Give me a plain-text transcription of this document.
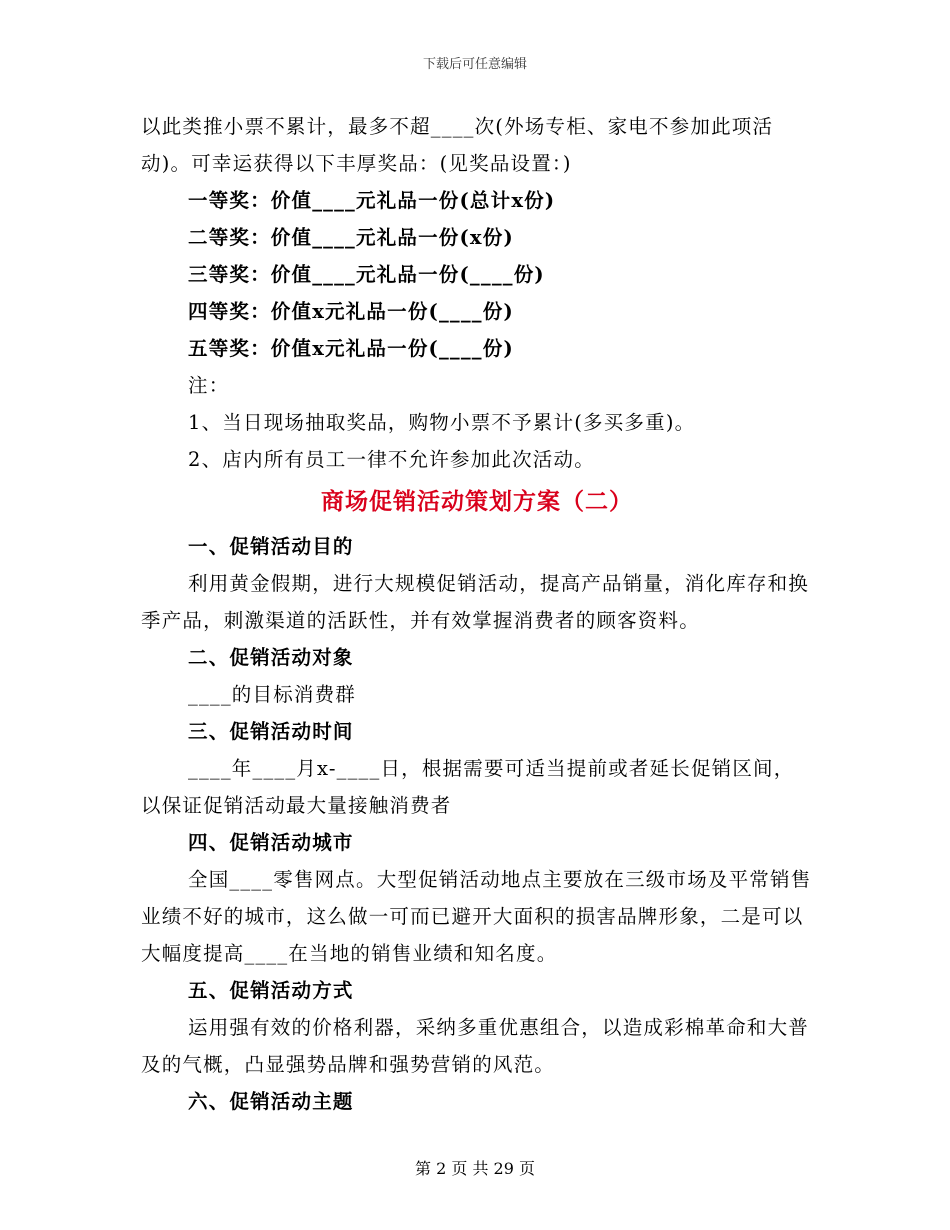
下载后可任意编辑

以此类推小票不累计，最多不超____次(外场专柜、家电不参加此项活动)。可幸运获得以下丰厚奖品：(见奖品设置：)

一等奖：价值____元礼品一份(总计x份)

二等奖：价值____元礼品一份(x份)

三等奖：价值____元礼品一份(____份)

四等奖：价值x元礼品一份(____份)

五等奖：价值x元礼品一份(____份)

注：

1、当日现场抽取奖品，购物小票不予累计(多买多重)。

2、店内所有员工一律不允许参加此次活动。

商场促销活动策划方案（二）

一、促销活动目的

利用黄金假期，进行大规模促销活动，提高产品销量，消化库存和换季产品，刺激渠道的活跃性，并有效掌握消费者的顾客资料。

二、促销活动对象

____的目标消费群

三、促销活动时间

____年____月x-____日，根据需要可适当提前或者延长促销区间，以保证促销活动最大量接触消费者

四、促销活动城市

全国____零售网点。大型促销活动地点主要放在三级市场及平常销售业绩不好的城市，这么做一可而已避开大面积的损害品牌形象，二是可以大幅度提高____在当地的销售业绩和知名度。

五、促销活动方式

运用强有效的价格利器，采纳多重优惠组合，以造成彩棉革命和大普及的气概，凸显强势品牌和强势营销的风范。

六、促销活动主题

第 2 页 共 29 页
